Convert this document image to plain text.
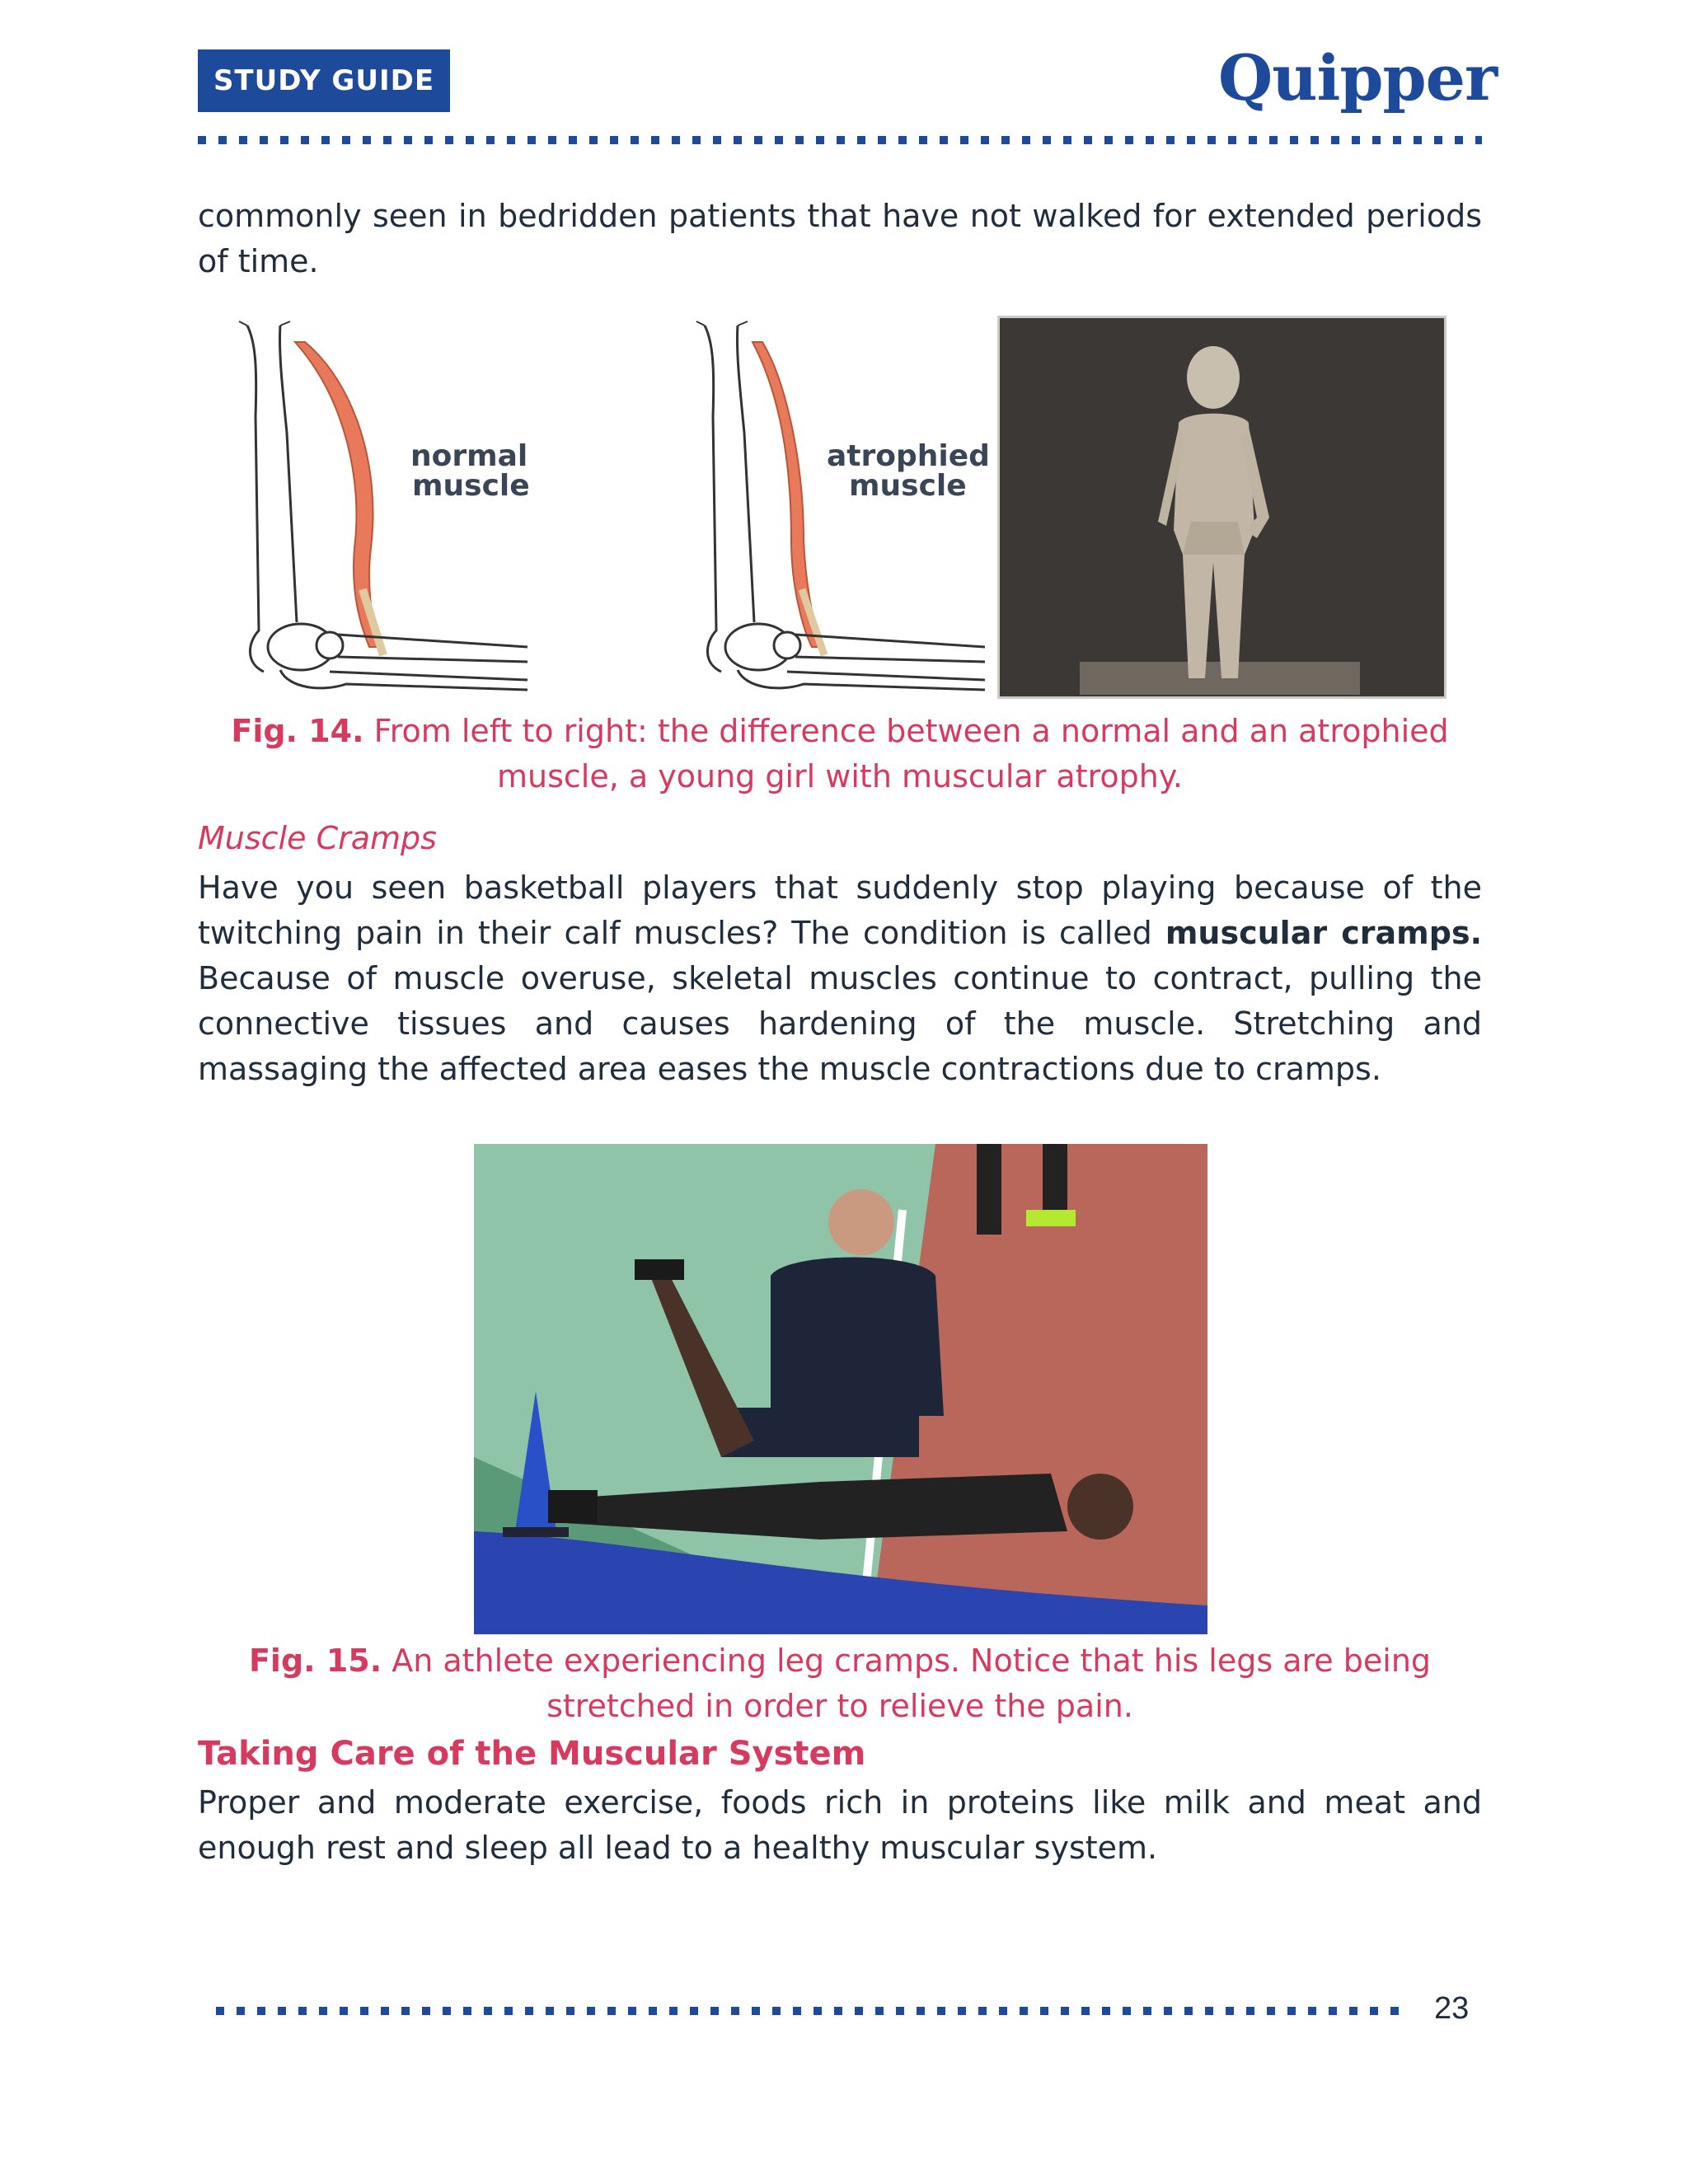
STUDY GUIDE	Quipper
commonly seen in bedridden patients that have not walked for extended periods of time.
normal
muscle
atrophied
muscle
Fig. 14. From left to right: the difference between a normal and an atrophied muscle, a young girl with muscular atrophy.
Muscle Cramps
Have you seen basketball players that suddenly stop playing because of the twitching pain in their calf muscles? The condition is called muscular cramps. Because of muscle overuse, skeletal muscles continue to contract, pulling the connective tissues and causes hardening of the muscle. Stretching and massaging the affected area eases the muscle contractions due to cramps.
Fig. 15. An athlete experiencing leg cramps. Notice that his legs are being stretched in order to relieve the pain.
Taking Care of the Muscular System
Proper and moderate exercise, foods rich in proteins like milk and meat and enough rest and sleep all lead to a healthy muscular system.
23
